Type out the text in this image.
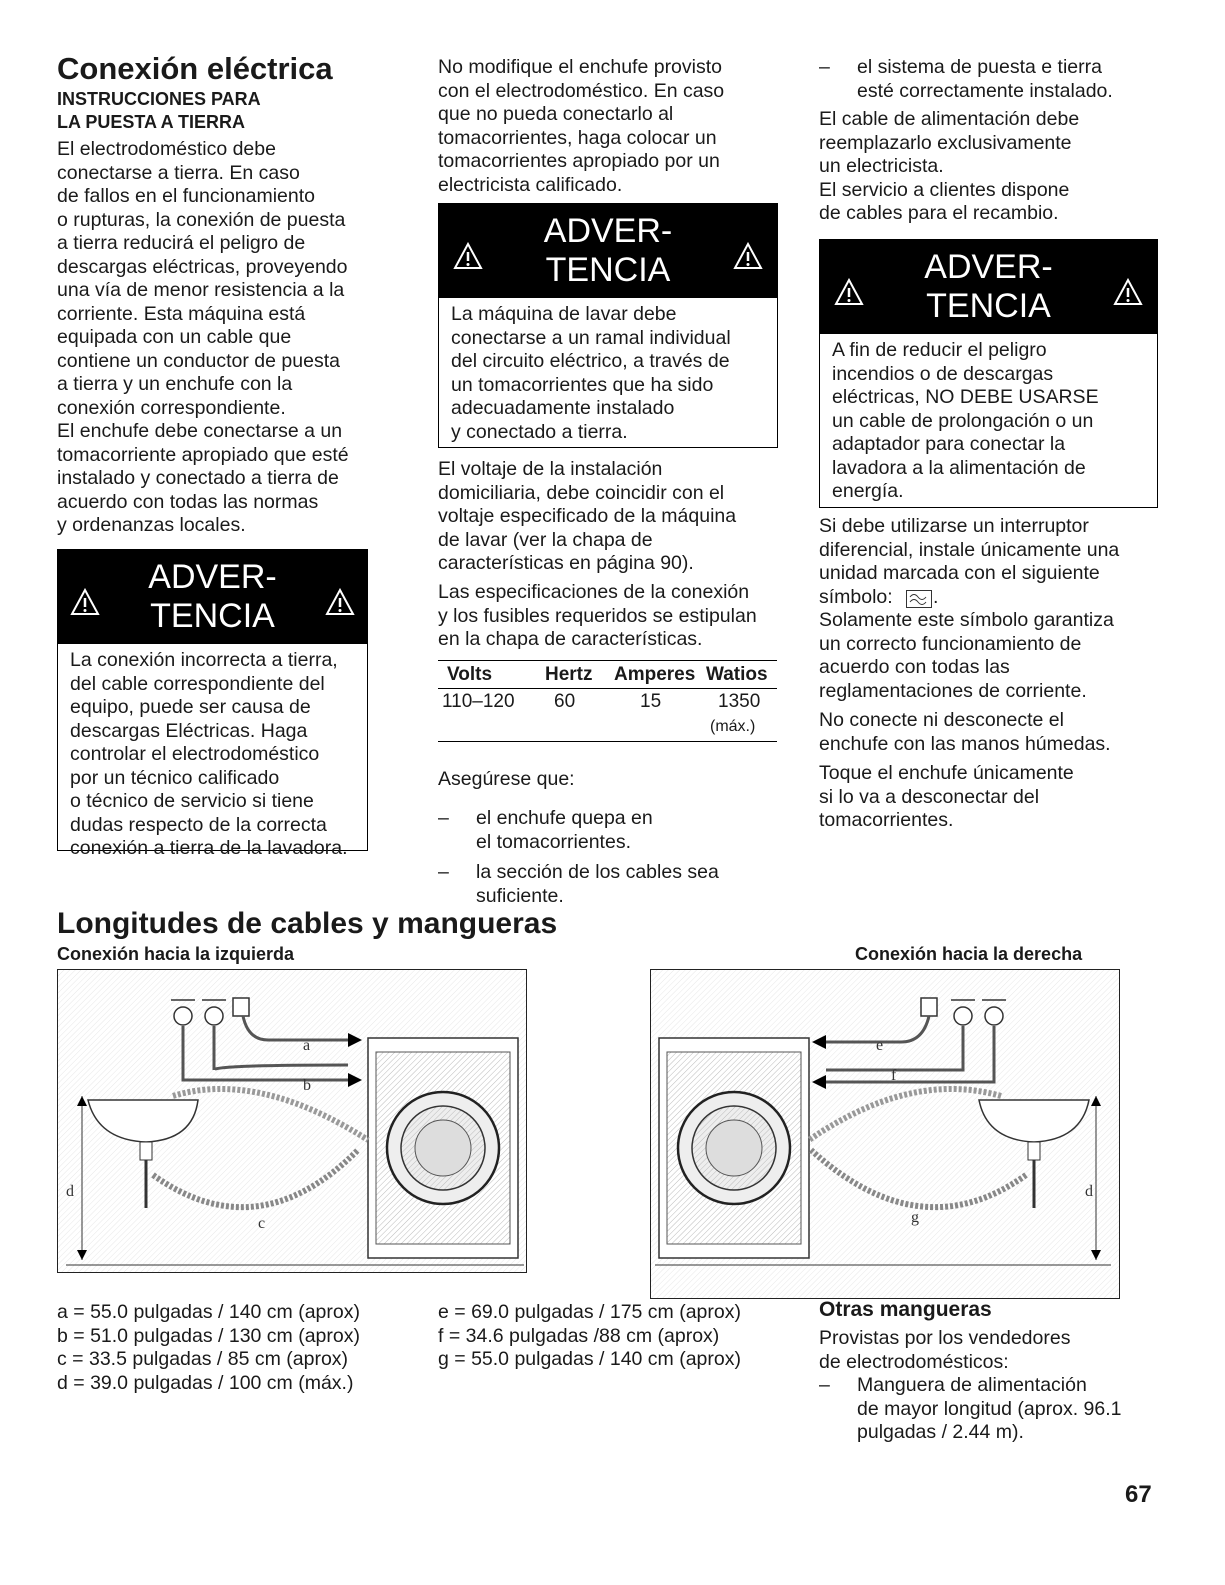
Conexión eléctrica
INSTRUCCIONES PARA
LA PUESTA A TIERRA
El electrodoméstico debe
conectarse a tierra. En caso
de fallos en el funcionamiento
o rupturas, la conexión de puesta
a tierra reducirá el peligro de
descargas eléctricas, proveyendo
una vía de menor resistencia a la
corriente. Esta máquina está
equipada con un cable que
contiene un conductor de puesta
a tierra y un enchufe con la
conexión correspondiente.
El enchufe debe conectarse a un
tomacorriente apropiado que esté
instalado y conectado a tierra de
acuerdo con todas las normas
y ordenanzas locales.
ADVER-
TENCIA
La conexión incorrecta a tierra,
del cable correspondiente del
equipo, puede ser causa de
descargas Eléctricas. Haga
controlar el electrodoméstico
por un técnico calificado
o técnico de servicio si tiene
dudas respecto de la correcta
conexión a tierra de la lavadora.
No modifique el enchufe provisto
con el electrodoméstico. En caso
que no pueda conectarlo al
tomacorrientes, haga colocar un
tomacorrientes apropiado por un
electricista calificado.
ADVER-
TENCIA
La máquina de lavar debe
conectarse a un ramal individual
del circuito eléctrico, a través de
un tomacorrientes que ha sido
adecuadamente instalado
y conectado a tierra.
El voltaje de la instalación
domiciliaria, debe coincidir con el
voltaje especificado de la máquina
de lavar (ver la chapa de
características en página 90).
Las especificaciones de la conexión
y los fusibles requeridos se estipulan
en la chapa de características.
Volts	Hertz Amperes Watios
110–120 60	15	1350
(máx.)
Asegúrese que:
– el enchufe quepa en
el tomacorrientes.
– la sección de los cables sea
suficiente.
– el sistema de puesta e tierra
esté correctamente instalado.
El cable de alimentación debe
reemplazarlo exclusivamente
un electricista.
El servicio a clientes dispone
de cables para el recambio.
ADVER-
TENCIA
A fin de reducir el peligro
incendios o de descargas
eléctricas, NO DEBE USARSE
un cable de prolongación o un
adaptador para conectar la
lavadora a la alimentación de
energía.
Si debe utilizarse un interruptor
diferencial, instale únicamente una
unidad marcada con el siguiente
símbolo:
Solamente este símbolo garantiza
un correcto funcionamiento de
acuerdo con todas las
reglamentaciones de corriente.
.
No conecte ni desconecte el
enchufe con las manos húmedas.
Toque el enchufe únicamente
si lo va a desconectar del
tomacorrientes.
Longitudes de cables y mangueras
Conexión hacia la izquierda	Conexión hacia la derecha
a
b
c
d
e
f
g
d
a = 55.0 pulgadas / 140 cm (aprox)
b = 51.0 pulgadas / 130 cm (aprox)
c = 33.5 pulgadas / 85 cm (aprox)
d = 39.0 pulgadas / 100 cm (máx.)
e = 69.0 pulgadas / 175 cm (aprox)
f = 34.6 pulgadas /88 cm (aprox)
g = 55.0 pulgadas / 140 cm (aprox)
Otras mangueras
Provistas por los vendedores
de electrodomésticos:
– Manguera de alimentación
de mayor longitud (aprox. 96.1
pulgadas / 2.44 m).
67
